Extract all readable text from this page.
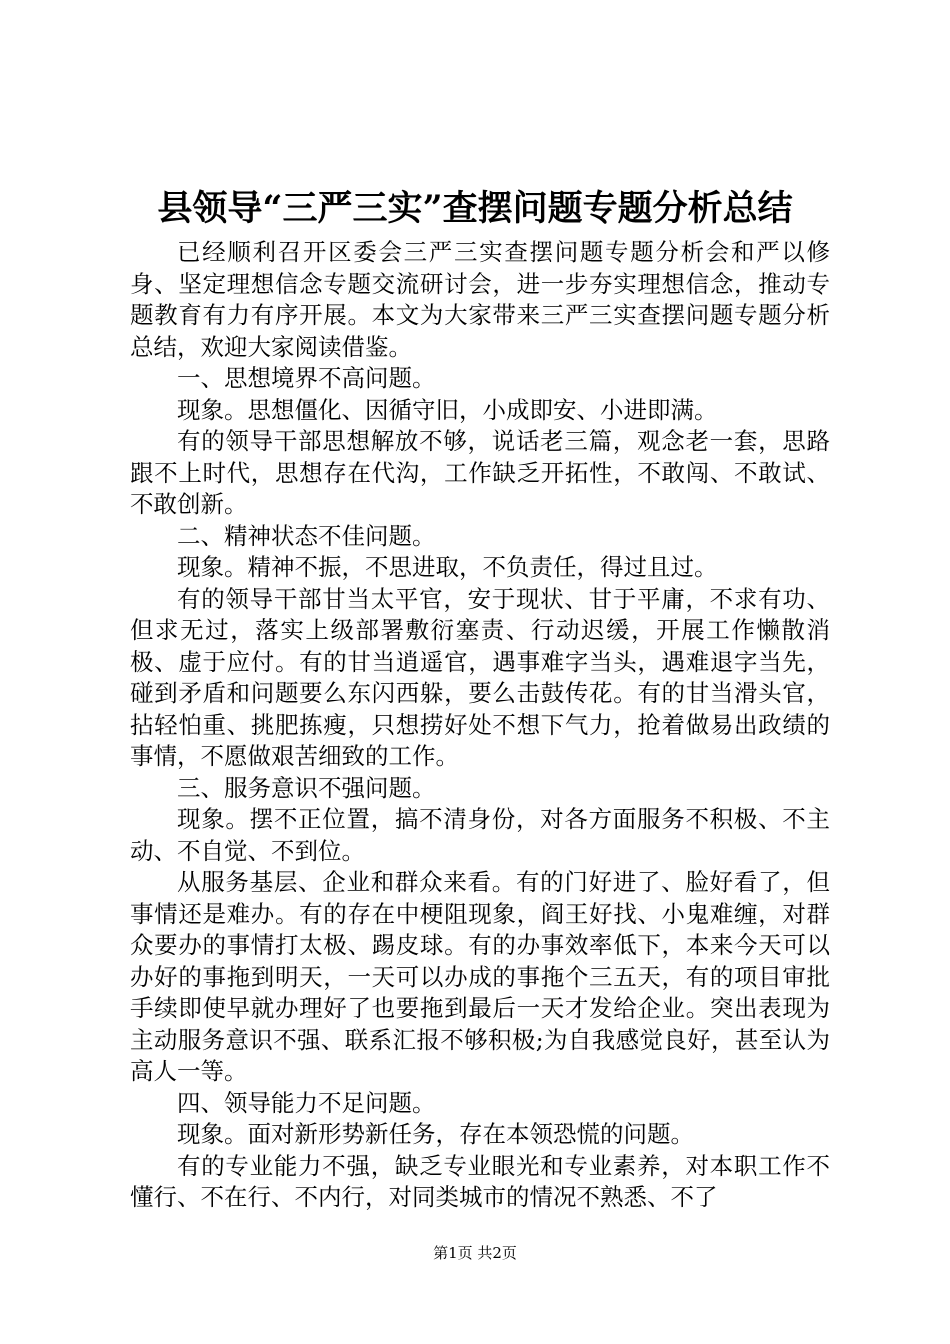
县领导“三严三实”查摆问题专题分析总结

已经顺利召开区委会三严三实查摆问题专题分析会和严以修身、坚定理想信念专题交流研讨会，进一步夯实理想信念，推动专题教育有力有序开展。本文为大家带来三严三实查摆问题专题分析总结，欢迎大家阅读借鉴。

一、思想境界不高问题。

现象。思想僵化、因循守旧，小成即安、小进即满。

有的领导干部思想解放不够，说话老三篇，观念老一套，思路跟不上时代，思想存在代沟，工作缺乏开拓性，不敢闯、不敢试、不敢创新。

二、精神状态不佳问题。

现象。精神不振，不思进取，不负责任，得过且过。

有的领导干部甘当太平官，安于现状、甘于平庸，不求有功、但求无过，落实上级部署敷衍塞责、行动迟缓，开展工作懒散消极、虚于应付。有的甘当逍遥官，遇事难字当头，遇难退字当先，碰到矛盾和问题要么东闪西躲，要么击鼓传花。有的甘当滑头官，拈轻怕重、挑肥拣瘦，只想捞好处不想下气力，抢着做易出政绩的事情，不愿做艰苦细致的工作。

三、服务意识不强问题。

现象。摆不正位置，搞不清身份，对各方面服务不积极、不主动、不自觉、不到位。

从服务基层、企业和群众来看。有的门好进了、脸好看了，但事情还是难办。有的存在中梗阻现象，阎王好找、小鬼难缠，对群众要办的事情打太极、踢皮球。有的办事效率低下，本来今天可以办好的事拖到明天，一天可以办成的事拖个三五天，有的项目审批手续即使早就办理好了也要拖到最后一天才发给企业。突出表现为主动服务意识不强、联系汇报不够积极;为自我感觉良好，甚至认为高人一等。

四、领导能力不足问题。

现象。面对新形势新任务，存在本领恐慌的问题。

有的专业能力不强，缺乏专业眼光和专业素养，对本职工作不懂行、不在行、不内行，对同类城市的情况不熟悉、不了

第1页 共2页
